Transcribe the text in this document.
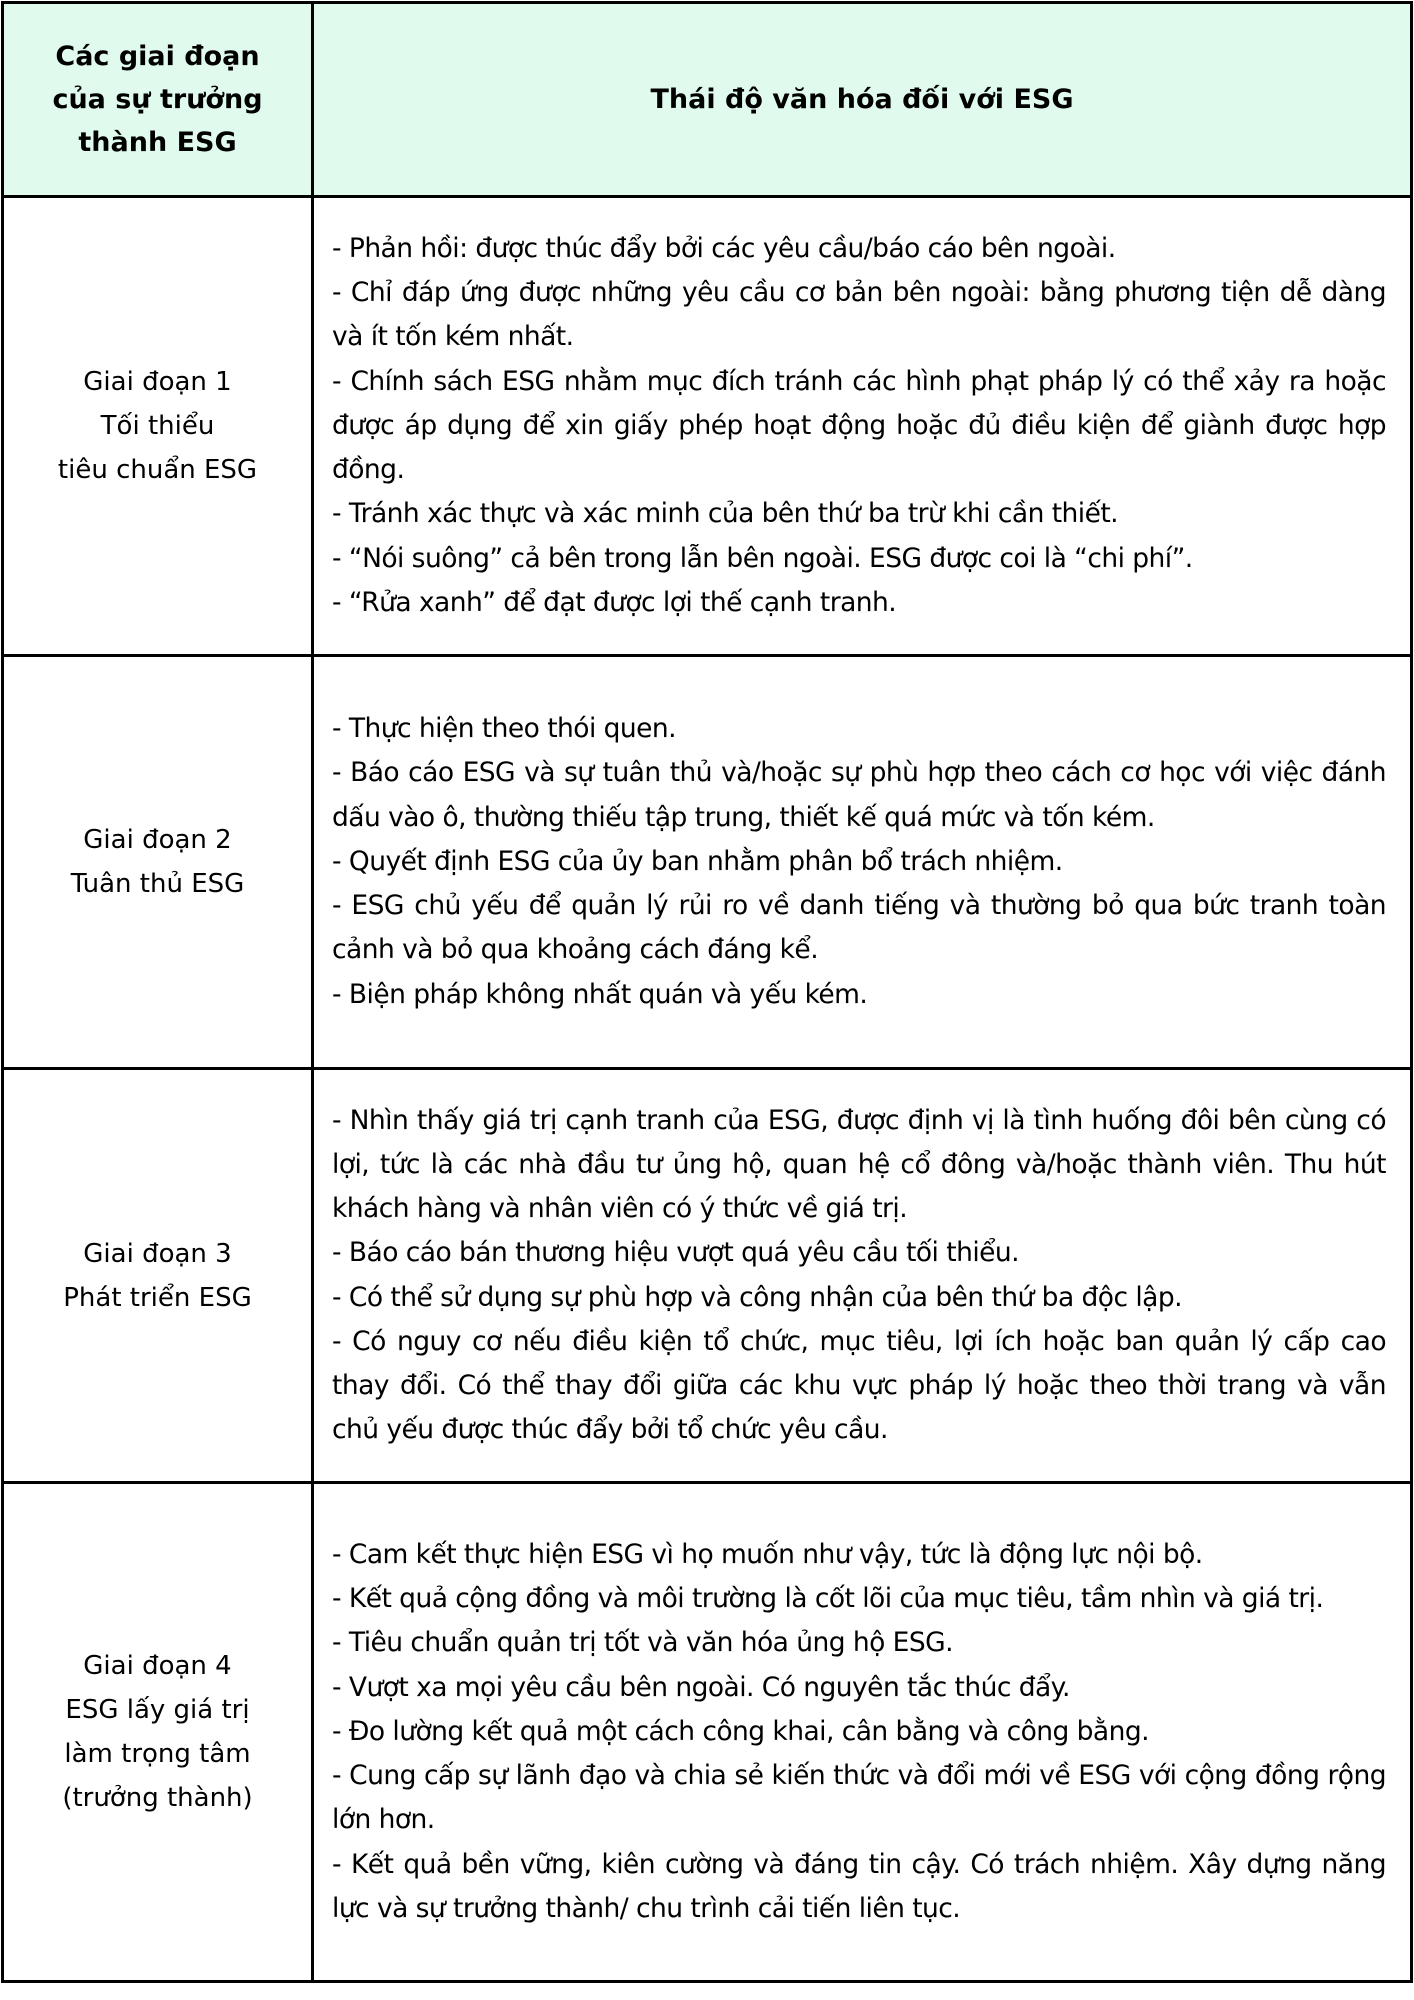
Các giai đoạn
của sự trưởng
thành ESG
Thái độ văn hóa đối với ESG
Giai đoạn 1
Tối thiểu
tiêu chuẩn ESG
- Phản hồi: được thúc đẩy bởi các yêu cầu/báo cáo bên ngoài.
- Chỉ đáp ứng được những yêu cầu cơ bản bên ngoài: bằng phương tiện dễ dàng và ít tốn kém nhất.
- Chính sách ESG nhằm mục đích tránh các hình phạt pháp lý có thể xảy ra hoặc được áp dụng để xin giấy phép hoạt động hoặc đủ điều kiện để giành được hợp đồng.
- Tránh xác thực và xác minh của bên thứ ba trừ khi cần thiết.
- “Nói suông” cả bên trong lẫn bên ngoài. ESG được coi là “chi phí”.
- “Rửa xanh” để đạt được lợi thế cạnh tranh.
Giai đoạn 2
Tuân thủ ESG
- Thực hiện theo thói quen.
- Báo cáo ESG và sự tuân thủ và/hoặc sự phù hợp theo cách cơ học với việc đánh dấu vào ô, thường thiếu tập trung, thiết kế quá mức và tốn kém.
- Quyết định ESG của ủy ban nhằm phân bổ trách nhiệm.
- ESG chủ yếu để quản lý rủi ro về danh tiếng và thường bỏ qua bức tranh toàn cảnh và bỏ qua khoảng cách đáng kể.
- Biện pháp không nhất quán và yếu kém.
Giai đoạn 3
Phát triển ESG
- Nhìn thấy giá trị cạnh tranh của ESG, được định vị là tình huống đôi bên cùng có lợi, tức là các nhà đầu tư ủng hộ, quan hệ cổ đông và/hoặc thành viên. Thu hút khách hàng và nhân viên có ý thức về giá trị.
- Báo cáo bán thương hiệu vượt quá yêu cầu tối thiểu.
- Có thể sử dụng sự phù hợp và công nhận của bên thứ ba độc lập.
- Có nguy cơ nếu điều kiện tổ chức, mục tiêu, lợi ích hoặc ban quản lý cấp cao thay đổi. Có thể thay đổi giữa các khu vực pháp lý hoặc theo thời trang và vẫn chủ yếu được thúc đẩy bởi tổ chức yêu cầu.
Giai đoạn 4
ESG lấy giá trị
làm trọng tâm
(trưởng thành)
- Cam kết thực hiện ESG vì họ muốn như vậy, tức là động lực nội bộ.
- Kết quả cộng đồng và môi trường là cốt lõi của mục tiêu, tầm nhìn và giá trị.
- Tiêu chuẩn quản trị tốt và văn hóa ủng hộ ESG.
- Vượt xa mọi yêu cầu bên ngoài. Có nguyên tắc thúc đẩy.
- Đo lường kết quả một cách công khai, cân bằng và công bằng.
- Cung cấp sự lãnh đạo và chia sẻ kiến thức và đổi mới về ESG với cộng đồng rộng lớn hơn.
- Kết quả bền vững, kiên cường và đáng tin cậy. Có trách nhiệm. Xây dựng năng lực và sự trưởng thành/ chu trình cải tiến liên tục.
